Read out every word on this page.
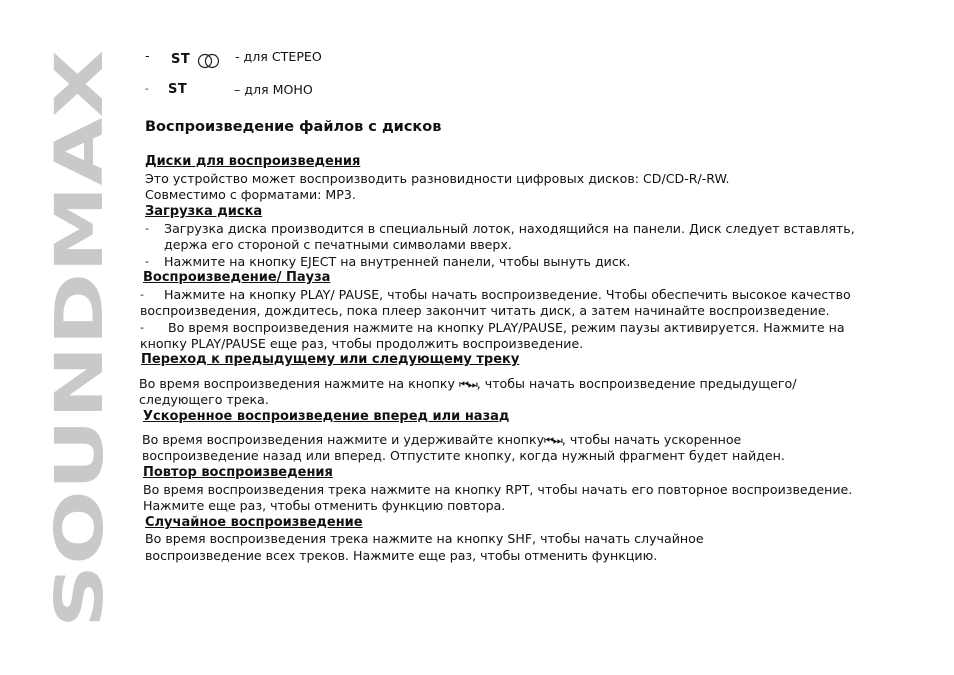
SOUNDMAX
- ST	- для СТЕРЕО
- ST	– для МОНО
Воспроизведение файлов с дисков
Диски для воспроизведения
Это устройство может воспроизводить разновидности цифровых дисков: CD/CD-R/-RW.
Совместимо с форматами: MP3.
Загрузка диска
-	Загрузка диска производится в специальный лоток, находящийся на панели. Диск следует вставлять,
держа его стороной с печатными символами вверх.
-	Нажмите на кнопку EJECT на внутренней панели, чтобы вынуть диск.
Воспроизведение/ Пауза
-	Нажмите на кнопку PLAY/ PAUSE, чтобы начать воспроизведение. Чтобы обеспечить высокое качество
воспроизведения, дождитесь, пока плеер закончит читать диск, а затем начинайте воспроизведение.
-	Во время воспроизведения нажмите на кнопку PLAY/PAUSE, режим паузы активируется. Нажмите на
кнопку PLAY/PAUSE еще раз, чтобы продолжить воспроизведение.
Переход к предыдущему или следующему треку
Во время воспроизведения нажмите на кнопку ⏮⏭, чтобы начать воспроизведение предыдущего/
следующего трека.
Ускоренное воспроизведение вперед или назад
Во время воспроизведения нажмите и удерживайте кнопку⏮⏭, чтобы начать ускоренное
воспроизведение назад или вперед. Отпустите кнопку, когда нужный фрагмент будет найден.
Повтор воспроизведения
Во время воспроизведения трека нажмите на кнопку RPT, чтобы начать его повторное воспроизведение.
Нажмите еще раз, чтобы отменить функцию повтора.
Случайное воспроизведение
Во время воспроизведения трека нажмите на кнопку SHF, чтобы начать случайное
воспроизведение всех треков. Нажмите еще раз, чтобы отменить функцию.
